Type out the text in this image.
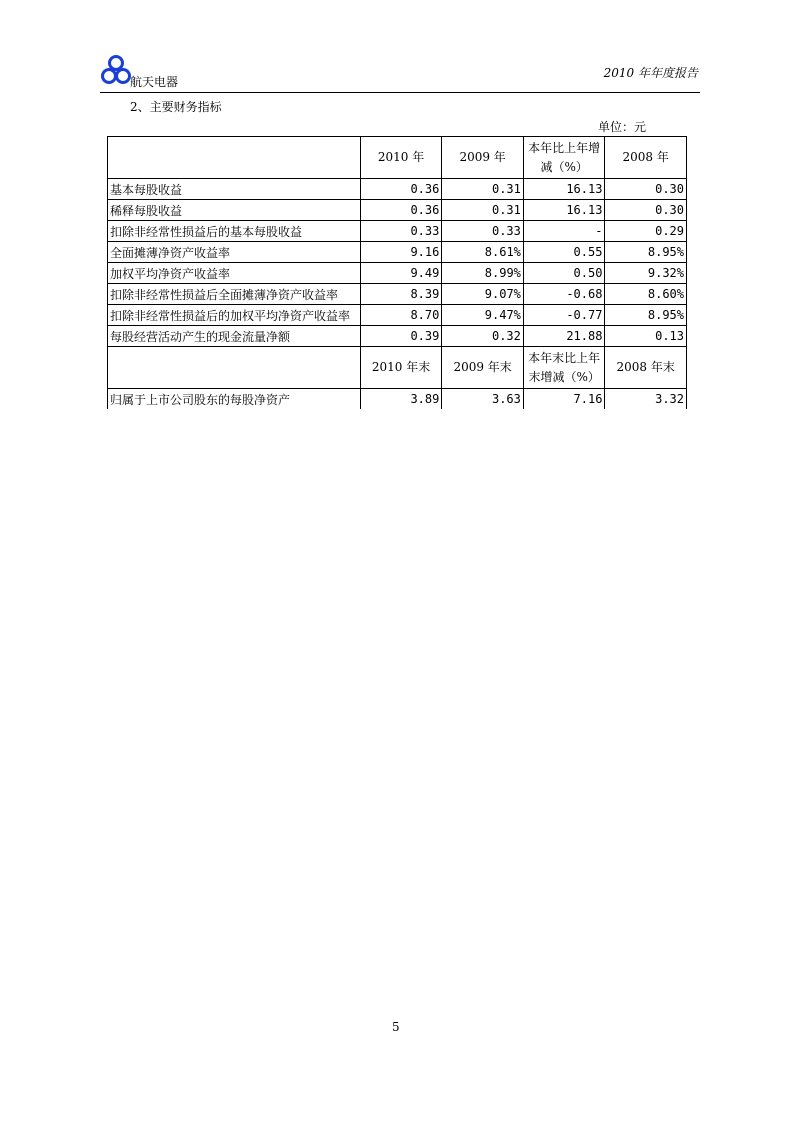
航天电器
2010 年年度报告
2、主要财务指标
单位：元
	2010 年	2009 年	本年比上年增减（%）	2008 年
基本每股收益	0.36	0.31	16.13	0.30
稀释每股收益	0.36	0.31	16.13	0.30
扣除非经常性损益后的基本每股收益	0.33	0.33	-	0.29
全面摊薄净资产收益率	9.16	8.61%	0.55	8.95%
加权平均净资产收益率	9.49	8.99%	0.50	9.32%
扣除非经常性损益后全面摊薄净资产收益率	8.39	9.07%	-0.68	8.60%
扣除非经常性损益后的加权平均净资产收益率	8.70	9.47%	-0.77	8.95%
每股经营活动产生的现金流量净额	0.39	0.32	21.88	0.13
	2010 年末	2009 年末	本年末比上年末增减（%）	2008 年末
归属于上市公司股东的每股净资产	3.89	3.63	7.16	3.32
5
